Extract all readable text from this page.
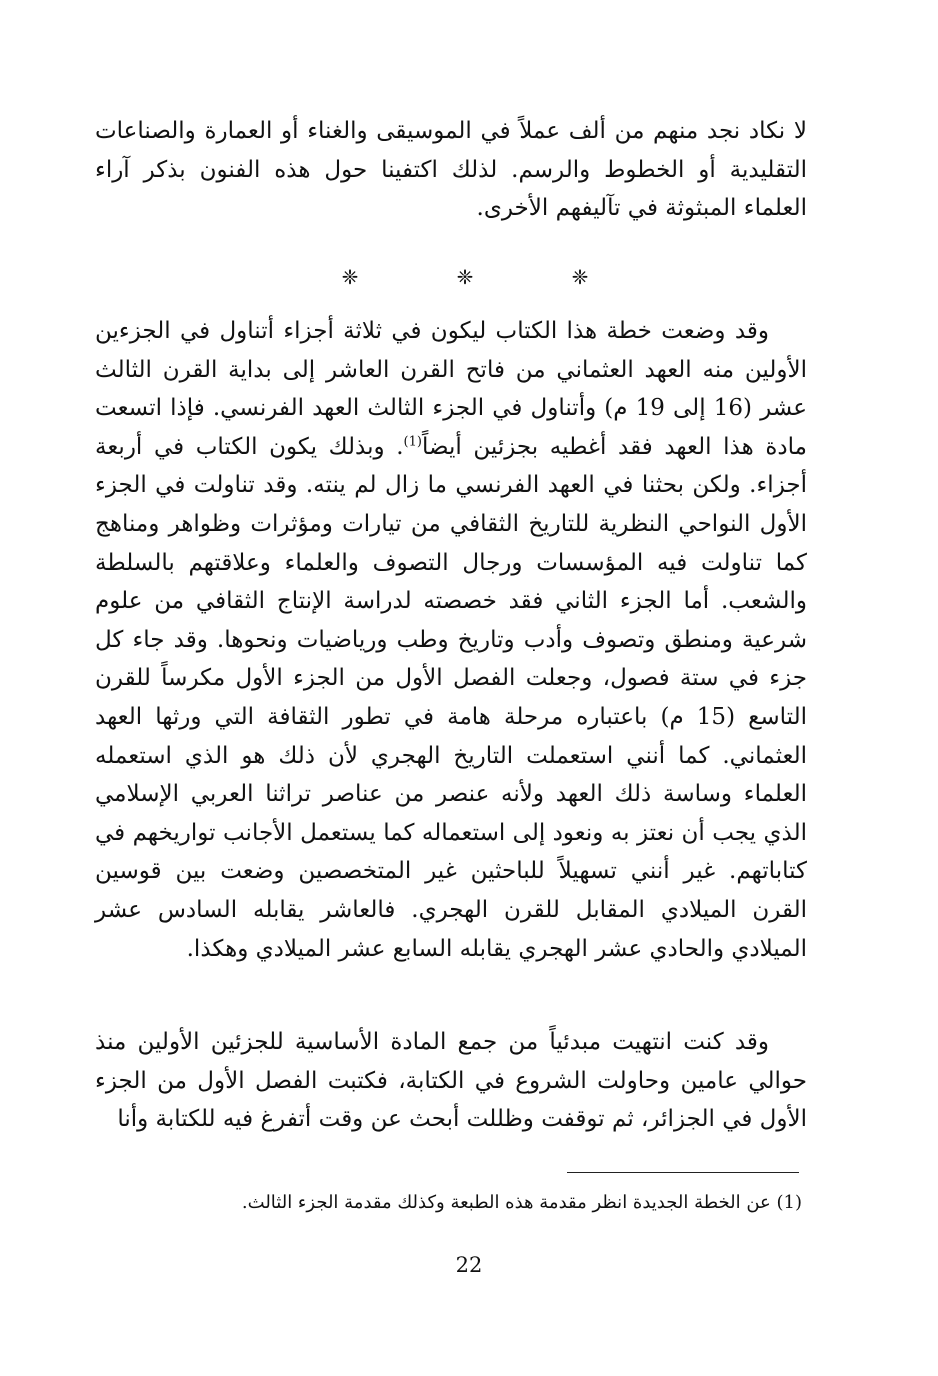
لا نكاد نجد منهم من ألف عملاً في الموسيقى والغناء أو العمارة والصناعات التقليدية أو الخطوط والرسم. لذلك اكتفينا حول هذه الفنون بذكر آراء العلماء المبثوثة في تآليفهم الأخرى.

❈
❈
❈

وقد وضعت خطة هذا الكتاب ليكون في ثلاثة أجزاء أتناول في الجزءين الأولين منه العهد العثماني من فاتح القرن العاشر إلى بداية القرن الثالث عشر (16 إلى 19 م) وأتناول في الجزء الثالث العهد الفرنسي. فإذا اتسعت مادة هذا العهد فقد أغطيه بجزئين أيضاً$^{(1)}$. وبذلك يكون الكتاب في أربعة أجزاء. ولكن بحثنا في العهد الفرنسي ما زال لم ينته. وقد تناولت في الجزء الأول النواحي النظرية للتاريخ الثقافي من تيارات ومؤثرات وظواهر ومناهج كما تناولت فيه المؤسسات ورجال التصوف والعلماء وعلاقتهم بالسلطة والشعب. أما الجزء الثاني فقد خصصته لدراسة الإنتاج الثقافي من علوم شرعية ومنطق وتصوف وأدب وتاريخ وطب ورياضيات ونحوها. وقد جاء كل جزء في ستة فصول، وجعلت الفصل الأول من الجزء الأول مكرساً للقرن التاسع (15 م) باعتباره مرحلة هامة في تطور الثقافة التي ورثها العهد العثماني. كما أنني استعملت التاريخ الهجري لأن ذلك هو الذي استعمله العلماء وساسة ذلك العهد ولأنه عنصر من عناصر تراثنا العربي الإسلامي الذي يجب أن نعتز به ونعود إلى استعماله كما يستعمل الأجانب تواريخهم في كتاباتهم. غير أنني تسهيلاً للباحثين غير المتخصصين وضعت بين قوسين القرن الميلادي المقابل للقرن الهجري. فالعاشر يقابله السادس عشر الميلادي والحادي عشر الهجري يقابله السابع عشر الميلادي وهكذا.

وقد كنت انتهيت مبدئياً من جمع المادة الأساسية للجزئين الأولين منذ حوالي عامين وحاولت الشروع في الكتابة، فكتبت الفصل الأول من الجزء الأول في الجزائر، ثم توقفت وظللت أبحث عن وقت أتفرغ فيه للكتابة وأنا

(1) عن الخطة الجديدة انظر مقدمة هذه الطبعة وكذلك مقدمة الجزء الثالث.
22
